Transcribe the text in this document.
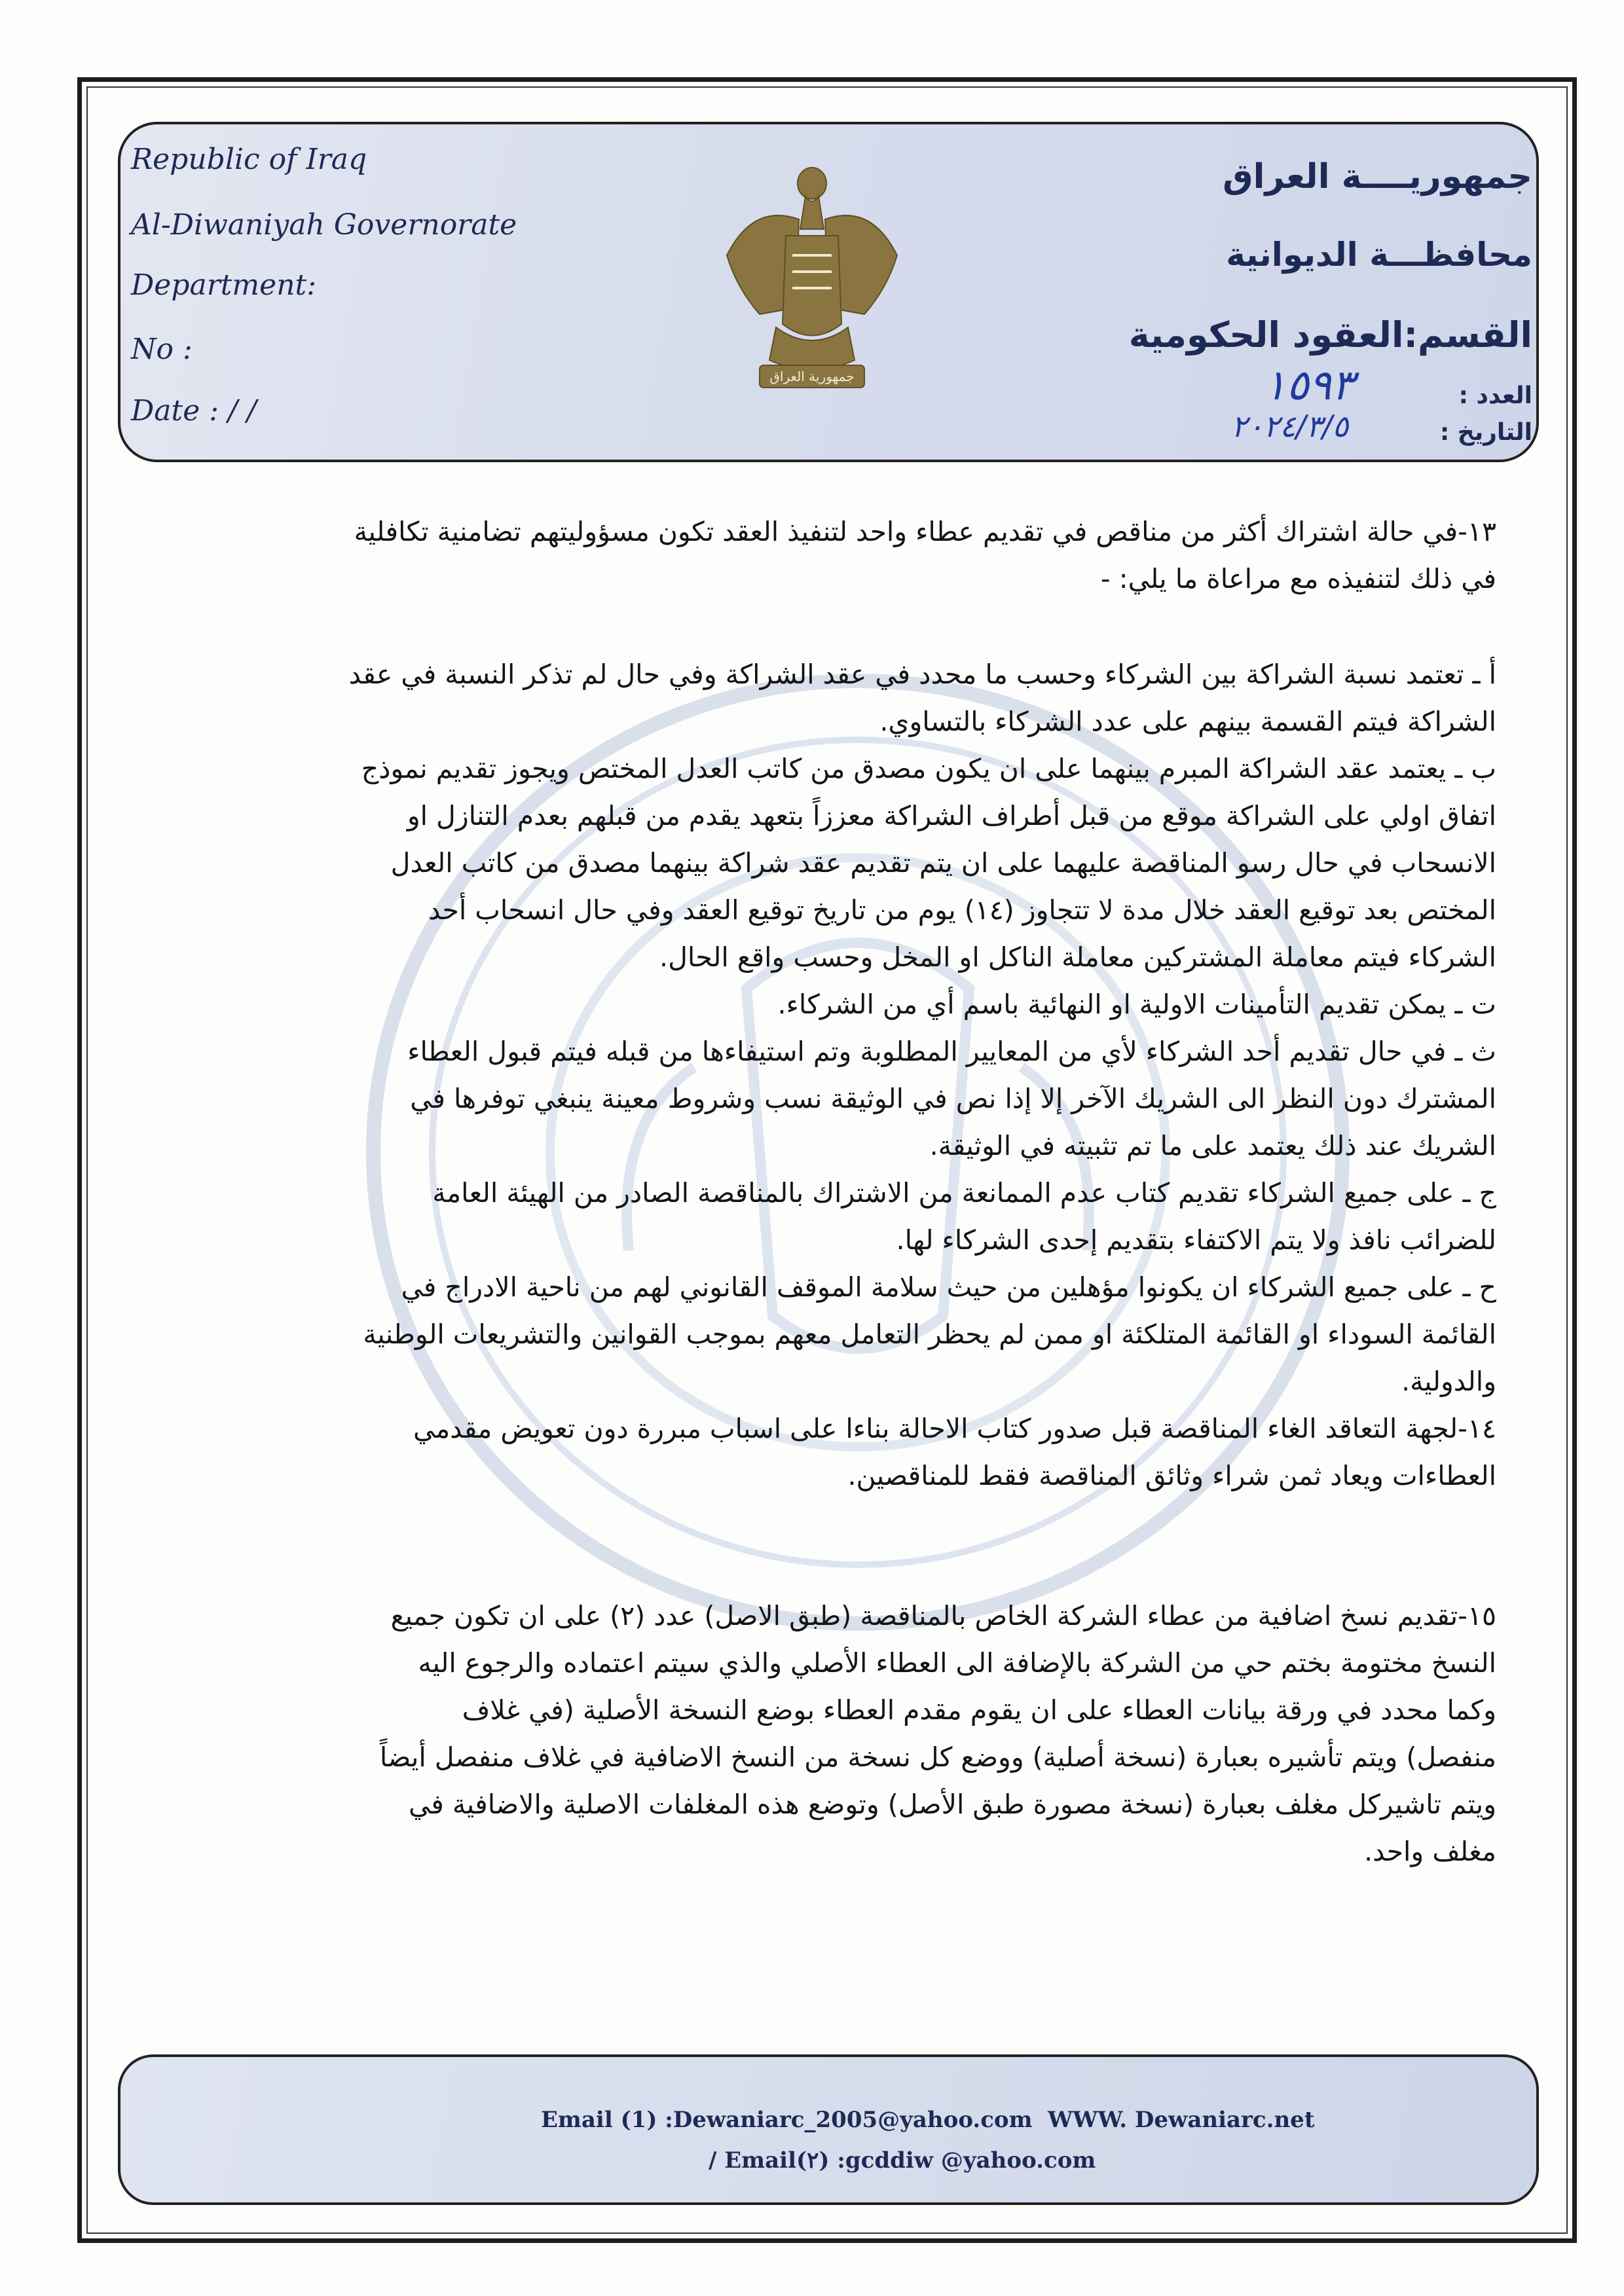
Republic of Iraq
Al-Diwaniyah Governorate
Department:
No :
Date : / /
جمهورية العراق
جمهوريــــة العراق
محافظـــة الديوانية
القسم:العقود الحكومية
العدد :
التاريخ :
١٥٩٣
٢٠٢٤/٣/٥
١٣-في حالة اشتراك أكثر من مناقص في تقديم عطاء واحد لتنفيذ العقد تكون مسؤوليتهم تضامنية تكافلية
في ذلك لتنفيذه مع مراعاة ما يلي: -
أ ـ تعتمد نسبة الشراكة بين الشركاء وحسب ما محدد في عقد الشراكة وفي حال لم تذكر النسبة في عقد
الشراكة فيتم القسمة بينهم على عدد الشركاء بالتساوي.
ب ـ يعتمد عقد الشراكة المبرم بينهما على ان يكون مصدق من كاتب العدل المختص ويجوز تقديم نموذج
اتفاق اولي على الشراكة موقع من قبل أطراف الشراكة معززاً بتعهد يقدم من قبلهم بعدم التنازل او
الانسحاب في حال رسو المناقصة عليهما على ان يتم تقديم عقد شراكة بينهما مصدق من كاتب العدل
المختص بعد توقيع العقد خلال مدة لا تتجاوز (١٤) يوم من تاريخ توقيع العقد وفي حال انسحاب أحد
الشركاء فيتم معاملة المشتركين معاملة الناكل او المخل وحسب واقع الحال.
ت ـ يمكن تقديم التأمينات الاولية او النهائية باسم أي من الشركاء.
ث ـ في حال تقديم أحد الشركاء لأي من المعايير المطلوبة وتم استيفاءها من قبله فيتم قبول العطاء
المشترك دون النظر الى الشريك الآخر إلا إذا نص في الوثيقة نسب وشروط معينة ينبغي توفرها في
الشريك عند ذلك يعتمد على ما تم تثبيته في الوثيقة.
ج ـ على جميع الشركاء تقديم كتاب عدم الممانعة من الاشتراك بالمناقصة الصادر من الهيئة العامة
للضرائب نافذ ولا يتم الاكتفاء بتقديم إحدى الشركاء لها.
ح ـ على جميع الشركاء ان يكونوا مؤهلين من حيث سلامة الموقف القانوني لهم من ناحية الادراج في
القائمة السوداء او القائمة المتلكئة او ممن لم يحظر التعامل معهم بموجب القوانين والتشريعات الوطنية
والدولية.
١٤-لجهة التعاقد الغاء المناقصة قبل صدور كتاب الاحالة بناءا على اسباب مبررة دون تعويض مقدمي
العطاءات ويعاد ثمن شراء وثائق المناقصة فقط للمناقصين.
١٥-تقديم نسخ اضافية من عطاء الشركة الخاص بالمناقصة (طبق الاصل) عدد (٢) على ان تكون جميع
النسخ مختومة بختم حي من الشركة بالإضافة الى العطاء الأصلي والذي سيتم اعتماده والرجوع اليه
وكما محدد في ورقة بيانات العطاء على ان يقوم مقدم العطاء بوضع النسخة الأصلية (في غلاف
منفصل) ويتم تأشيره بعبارة (نسخة أصلية) ووضع كل نسخة من النسخ الاضافية في غلاف منفصل أيضاً
ويتم تاشيركل مغلف بعبارة (نسخة مصورة طبق الأصل) وتوضع هذه المغلفات الاصلية والاضافية في
مغلف واحد.
Email (1) :Dewaniarc_2005@yahoo.com WWW. Dewaniarc.net
/ Email(٢) :gcddiw @yahoo.com
